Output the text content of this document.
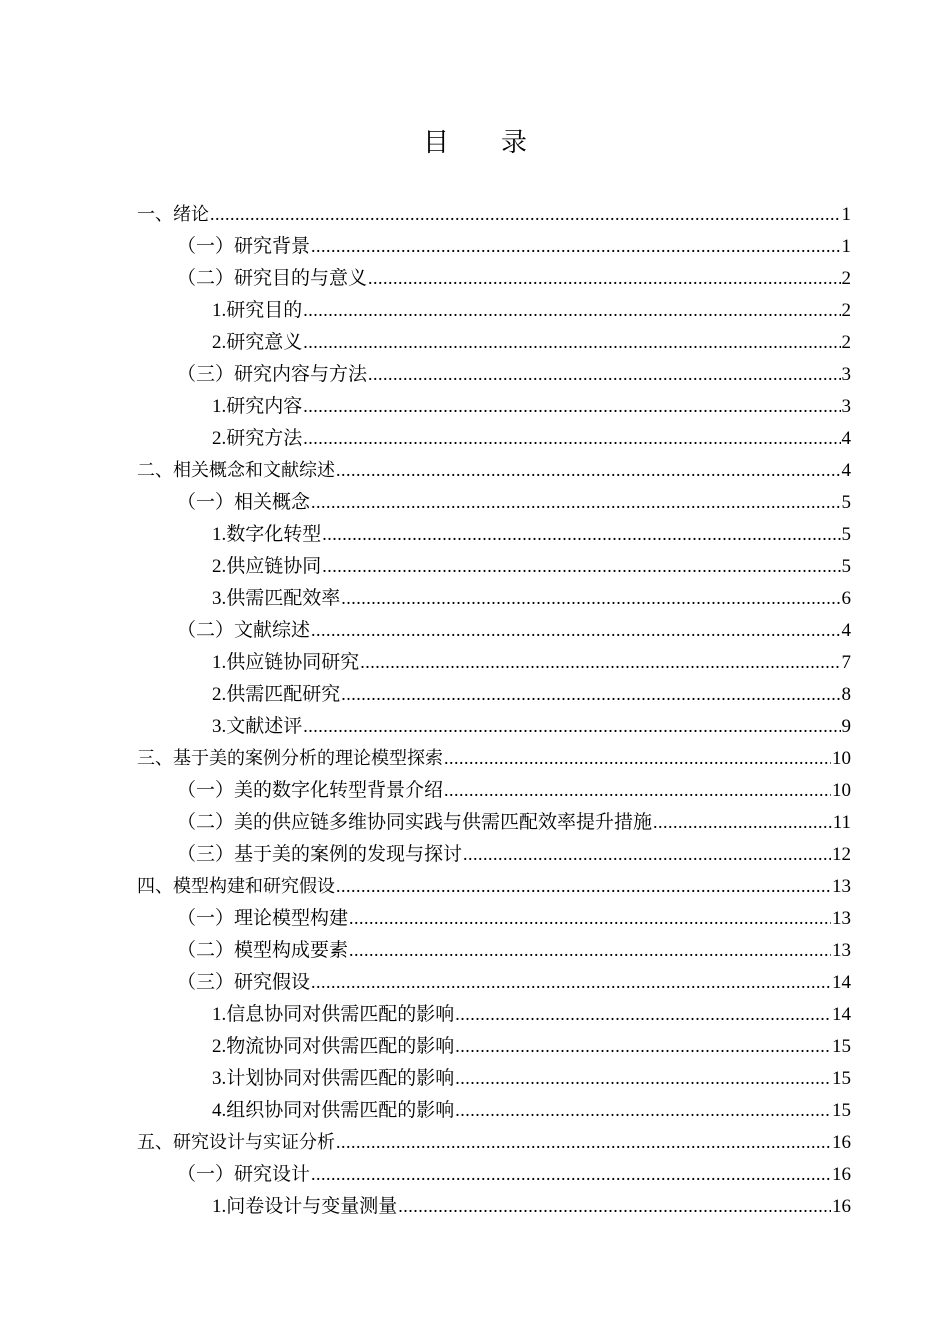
目录
一、绪论 .....	1
（一）研究背景 .....	1
（二）研究目的与意义 .....	2
1.研究目的 .....	2
2.研究意义 .....	2
（三）研究内容与方法 .....	3
1.研究内容 .....	3
2.研究方法 .....	4
二、相关概念和文献综述 .....	4
（一）相关概念 .....	5
1.数字化转型 .....	5
2.供应链协同 .....	5
3.供需匹配效率 .....	6
（二）文献综述 .....	4
1.供应链协同研究 .....	7
2.供需匹配研究 .....	8
3.文献述评 .....	9
三、基于美的案例分析的理论模型探索 .....	10
（一）美的数字化转型背景介绍 .....	10
（二）美的供应链多维协同实践与供需匹配效率提升措施 .....	11
（三）基于美的案例的发现与探讨 .....	12
四、模型构建和研究假设 .....	13
（一）理论模型构建 .....	13
（二）模型构成要素 .....	13
（三）研究假设 .....	14
1.信息协同对供需匹配的影响 .....	14
2.物流协同对供需匹配的影响 .....	15
3.计划协同对供需匹配的影响 .....	15
4.组织协同对供需匹配的影响 .....	15
五、研究设计与实证分析 .....	16
（一）研究设计 .....	16
1.问卷设计与变量测量 .....	16
